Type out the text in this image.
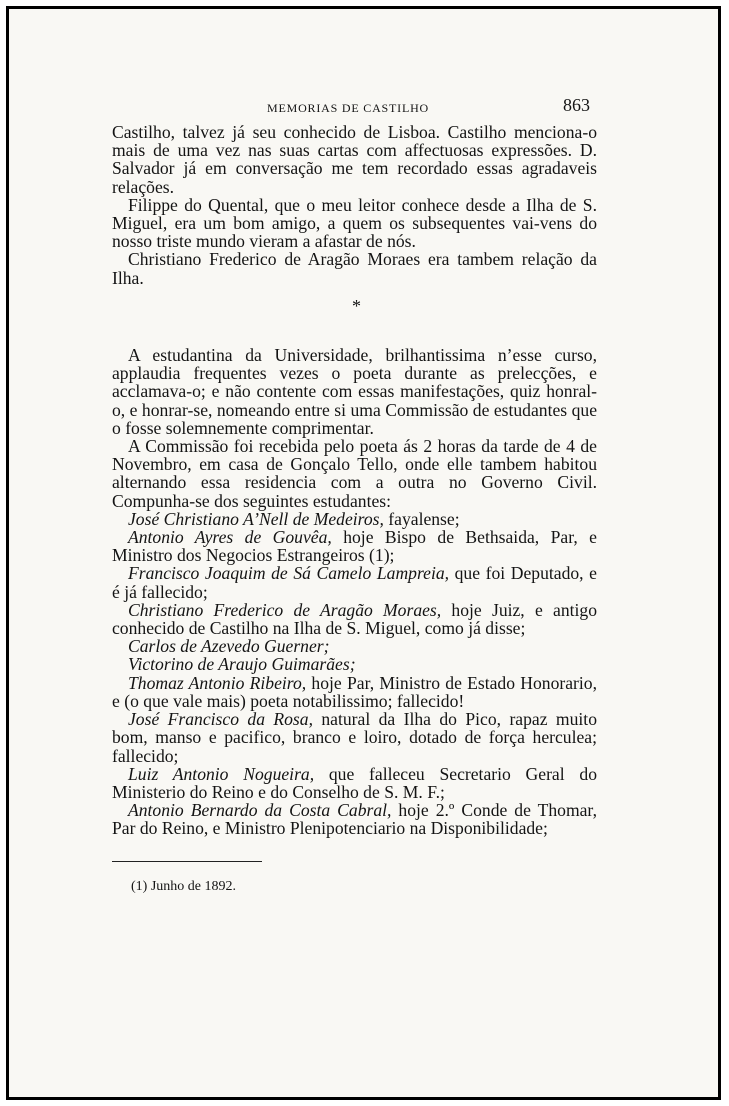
MEMORIAS DE CASTILHO	863

Castilho, talvez já seu conhecido de Lisboa. Castilho menciona-o mais de uma vez nas suas cartas com affectuosas expressões. D. Salvador já em conversação me tem recordado essas agradaveis relações.

Filippe do Quental, que o meu leitor conhece desde a Ilha de S. Miguel, era um bom amigo, a quem os subsequentes vai-vens do nosso triste mundo vieram a afastar de nós.

Christiano Frederico de Aragão Moraes era tambem relação da Ilha.

*

A estudantina da Universidade, brilhantissima n’esse curso, applaudia frequentes vezes o poeta durante as prelecções, e acclamava-o; e não contente com essas manifestações, quiz honral-o, e honrar-se, nomeando entre si uma Commissão de estudantes que o fosse solemnemente comprimentar.

A Commissão foi recebida pelo poeta ás 2 horas da tarde de 4 de Novembro, em casa de Gonçalo Tello, onde elle tambem habitou alternando essa residencia com a outra no Governo Civil. Compunha-se dos seguintes estudantes:

José Christiano A’Nell de Medeiros, fayalense;

Antonio Ayres de Gouvêa, hoje Bispo de Bethsaida, Par, e Ministro dos Negocios Estrangeiros (1);

Francisco Joaquim de Sá Camelo Lampreia, que foi Deputado, e é já fallecido;

Christiano Frederico de Aragão Moraes, hoje Juiz, e antigo conhecido de Castilho na Ilha de S. Miguel, como já disse;

Carlos de Azevedo Guerner;

Victorino de Araujo Guimarães;

Thomaz Antonio Ribeiro, hoje Par, Ministro de Estado Honorario, e (o que vale mais) poeta notabilissimo; fallecido!

José Francisco da Rosa, natural da Ilha do Pico, rapaz muito bom, manso e pacifico, branco e loiro, dotado de força herculea; fallecido;

Luiz Antonio Nogueira, que falleceu Secretario Geral do Ministerio do Reino e do Conselho de S. M. F.;

Antonio Bernardo da Costa Cabral, hoje 2.º Conde de Thomar, Par do Reino, e Ministro Plenipotenciario na Disponibilidade;

(1) Junho de 1892.
